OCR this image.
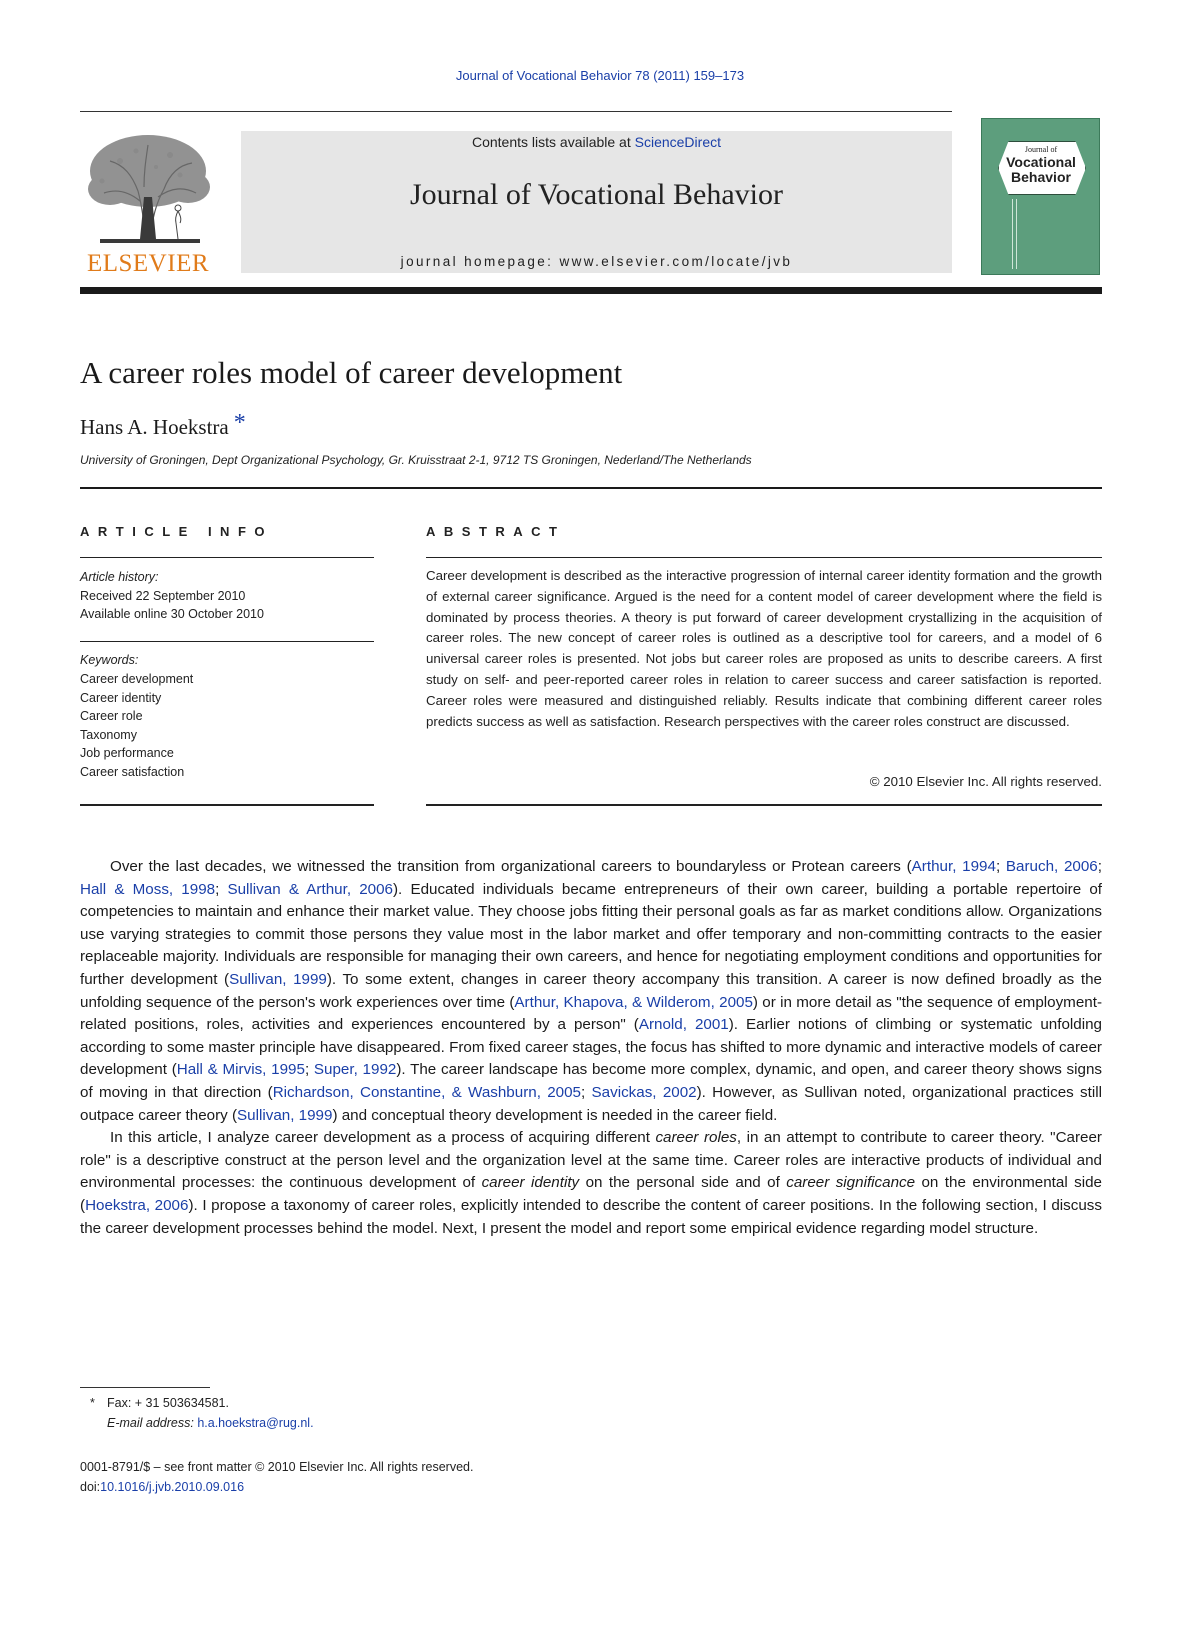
Journal of Vocational Behavior 78 (2011) 159–173
ELSEVIER
Contents lists available at ScienceDirect
Journal of Vocational Behavior
journal homepage: www.elsevier.com/locate/jvb
Journal of
Vocational
Behavior
A career roles model of career development
Hans A. Hoekstra *
University of Groningen, Dept Organizational Psychology, Gr. Kruisstraat 2-1, 9712 TS Groningen, Nederland/The Netherlands
ARTICLE INFO	ABSTRACT
Article history:
Received 22 September 2010
Available online 30 October 2010
Keywords:
Career development
Career identity
Career role
Taxonomy
Job performance
Career satisfaction
Career development is described as the interactive progression of internal career identity formation and the growth of external career significance. Argued is the need for a content model of career development where the field is dominated by process theories. A theory is put forward of career development crystallizing in the acquisition of career roles. The new concept of career roles is outlined as a descriptive tool for careers, and a model of 6 universal career roles is presented. Not jobs but career roles are proposed as units to describe careers. A first study on self- and peer-reported career roles in relation to career success and career satisfaction is reported. Career roles were measured and distinguished reliably. Results indicate that combining different career roles predicts success as well as satisfaction. Research perspectives with the career roles construct are discussed.
© 2010 Elsevier Inc. All rights reserved.

Over the last decades, we witnessed the transition from organizational careers to boundaryless or Protean careers (Arthur, 1994; Baruch, 2006; Hall & Moss, 1998; Sullivan & Arthur, 2006). Educated individuals became entrepreneurs of their own career, building a portable repertoire of competencies to maintain and enhance their market value. They choose jobs fitting their personal goals as far as market conditions allow. Organizations use varying strategies to commit those persons they value most in the labor market and offer temporary and non-committing contracts to the easier replaceable majority. Individuals are responsible for managing their own careers, and hence for negotiating employment conditions and opportunities for further development (Sullivan, 1999). To some extent, changes in career theory accompany this transition. A career is now defined broadly as the unfolding sequence of the person's work experiences over time (Arthur, Khapova, & Wilderom, 2005) or in more detail as "the sequence of employment-related positions, roles, activities and experiences encountered by a person" (Arnold, 2001). Earlier notions of climbing or systematic unfolding according to some master principle have disappeared. From fixed career stages, the focus has shifted to more dynamic and interactive models of career development (Hall & Mirvis, 1995; Super, 1992). The career landscape has become more complex, dynamic, and open, and career theory shows signs of moving in that direction (Richardson, Constantine, & Washburn, 2005; Savickas, 2002). However, as Sullivan noted, organizational practices still outpace career theory (Sullivan, 1999) and conceptual theory development is needed in the career field.

In this article, I analyze career development as a process of acquiring different career roles, in an attempt to contribute to career theory. "Career role" is a descriptive construct at the person level and the organization level at the same time. Career roles are interactive products of individual and environmental processes: the continuous development of career identity on the personal side and of career significance on the environmental side (Hoekstra, 2006). I propose a taxonomy of career roles, explicitly intended to describe the content of career positions. In the following section, I discuss the career development processes behind the model. Next, I present the model and report some empirical evidence regarding model structure.

* Fax: + 31 503634581.
E-mail address: h.a.hoekstra@rug.nl.
0001-8791/$ – see front matter © 2010 Elsevier Inc. All rights reserved.
doi:10.1016/j.jvb.2010.09.016
